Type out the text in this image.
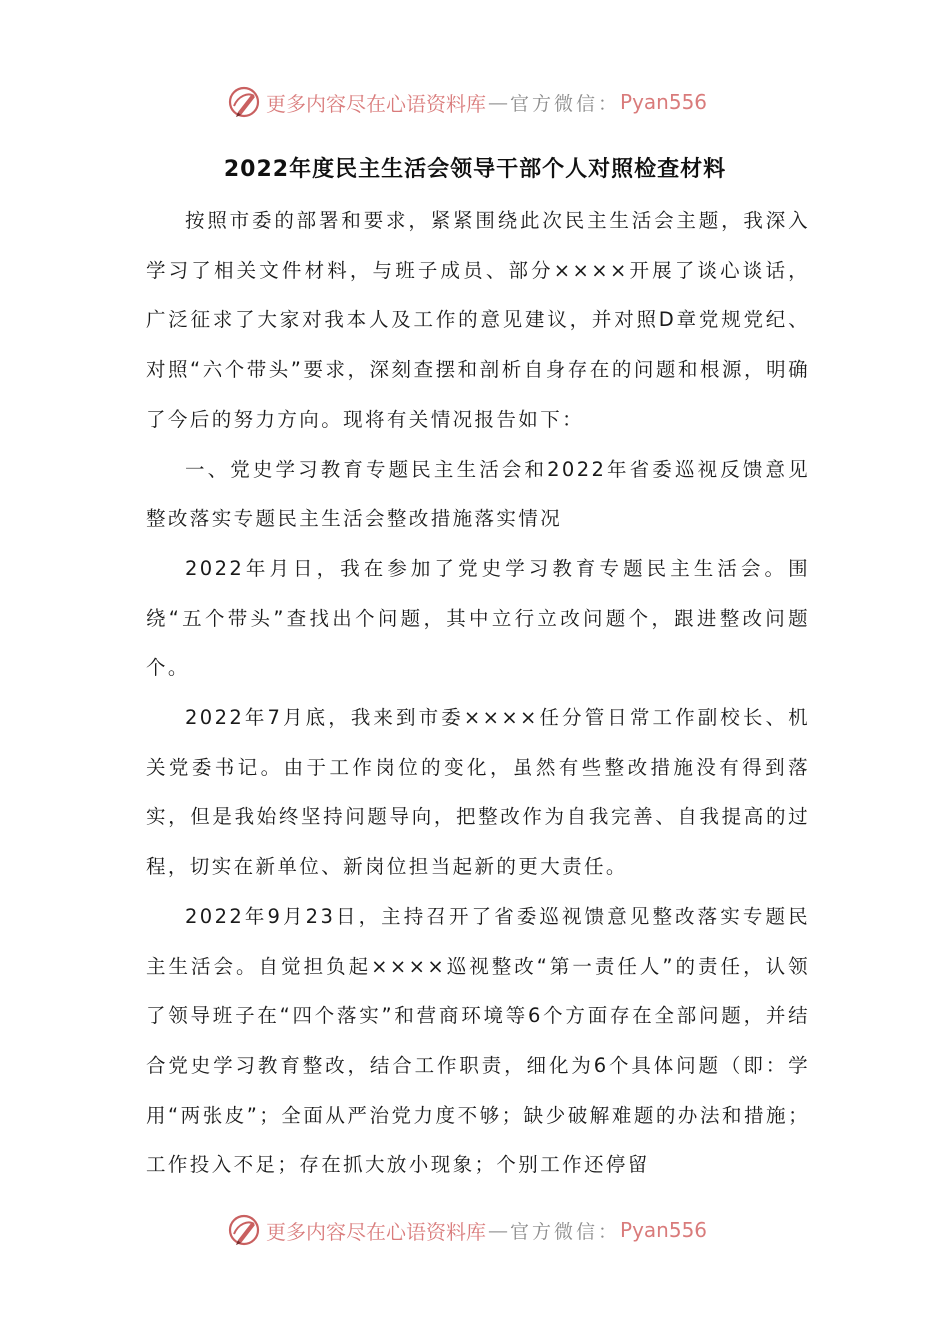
更多内容尽在心语资料库 — 官方微信： Pyan556
2022年度民主生活会领导干部个人对照检查材料

按照市委的部署和要求，紧紧围绕此次民主生活会主题，我深入学习了相关文件材料，与班子成员、部分××××开展了谈心谈话，广泛征求了大家对我本人及工作的意见建议，并对照D章党规党纪、对照“六个带头”要求，深刻查摆和剖析自身存在的问题和根源，明确了今后的努力方向。现将有关情况报告如下：

一、党史学习教育专题民主生活会和2022年省委巡视反馈意见整改落实专题民主生活会整改措施落实情况

2022年月日，我在参加了党史学习教育专题民主生活会。围绕“五个带头”查找出个问题，其中立行立改问题个，跟进整改问题个。

2022年7月底，我来到市委××××任分管日常工作副校长、机关党委书记。由于工作岗位的变化，虽然有些整改措施没有得到落实，但是我始终坚持问题导向，把整改作为自我完善、自我提高的过程，切实在新单位、新岗位担当起新的更大责任。

2022年9月23日，主持召开了省委巡视馈意见整改落实专题民主生活会。自觉担负起××××巡视整改“第一责任人”的责任，认领了领导班子在“四个落实”和营商环境等6个方面存在全部问题，并结合党史学习教育整改，结合工作职责，细化为6个具体问题（即：学用“两张皮”；全面从严治党力度不够；缺少破解难题的办法和措施；工作投入不足；存在抓大放小现象；个别工作还停留

更多内容尽在心语资料库 — 官方微信： Pyan556
